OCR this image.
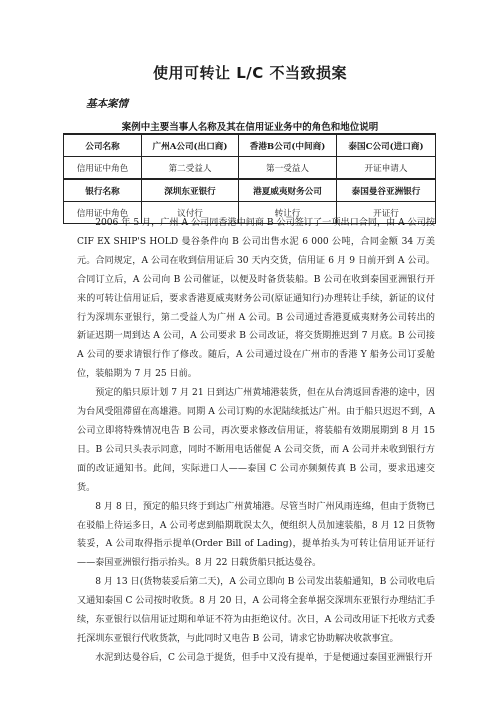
使用可转让 L/C 不当致损案
基本案情
案例中主要当事人名称及其在信用证业务中的角色和地位说明
公司名称	广州A公司(出口商)	香港B公司(中间商)	泰国C公司(进口商)
信用证中角色	第二受益人	第一受益人	开证申请人
银行名称	深圳东亚银行	港夏威夷财务公司	泰国曼谷亚洲银行
信用证中角色	议付行	转让行	开证行

2006 年 5 月，广州 A 公司同香港中间商 B 公司签订了一项出口合同，由 A 公司按 CIF EX SHIP'S HOLD 曼谷条件向 B 公司出售水泥 6 000 公吨，合同金额 34 万美元。合同规定，A 公司在收到信用证后 30 天内交货，信用证 6 月 9 日前开到 A 公司。合同订立后，A 公司向 B 公司催证，以便及时备货装船。B 公司在收到泰国亚洲银行开来的可转让信用证后，要求香港夏威夷财务公司(原证通知行)办理转让手续，新证的议付行为深圳东亚银行，第二受益人为广州 A 公司。B 公司通过香港夏威夷财务公司转出的新证迟期一周到达 A 公司，A 公司要求 B 公司改证，将交货期推迟到 7 月底。B 公司接 A 公司的要求请银行作了修改。随后，A 公司通过设在广州市的香港 Y 船务公司订妥舱位，装船期为 7 月 25 日前。

预定的船只原计划 7 月 21 日到达广州黄埔港装货，但在从台湾返回香港的途中，因为台风受阻滞留在高雄港。同期 A 公司订购的水泥陆续抵达广州。由于船只迟迟不到，A 公司立即将特殊情况电告 B 公司，再次要求修改信用证，将装船有效期展期到 8 月 15 日。B 公司只头表示同意，同时不断用电话催促 A 公司交货，而 A 公司并未收到银行方面的改证通知书。此间，实际进口人——泰国 C 公司亦频频传真 B 公司，要求迅速交货。

8 月 8 日，预定的船只终于到达广州黄埔港。尽管当时广州风雨连绵，但由于货物已在驳船上待运多日，A 公司考虑到船期耽误太久，便组织人员加速装船，8 月 12 日货物装妥，A 公司取得指示提单(Order Bill of Lading)，提单抬头为可转让信用证开证行——泰国亚洲银行指示抬头。8 月 22 日载货船只抵达曼谷。

8 月 13 日(货物装妥后第二天)，A 公司立即向 B 公司发出装船通知，B 公司收电后又通知泰国 C 公司按时收货。8 月 20 日，A 公司将全套单据交深圳东亚银行办理结汇手续，东亚银行以信用证过期和单证不符为由拒绝议付。次日，A 公司改用证下托收方式委托深圳东亚银行代收货款，与此同时又电告 B 公司，请求它协助解决收款事宜。

水泥到达曼谷后，C 公司急于提货，但手中又没有提单，于是便通过泰国亚洲银行开
